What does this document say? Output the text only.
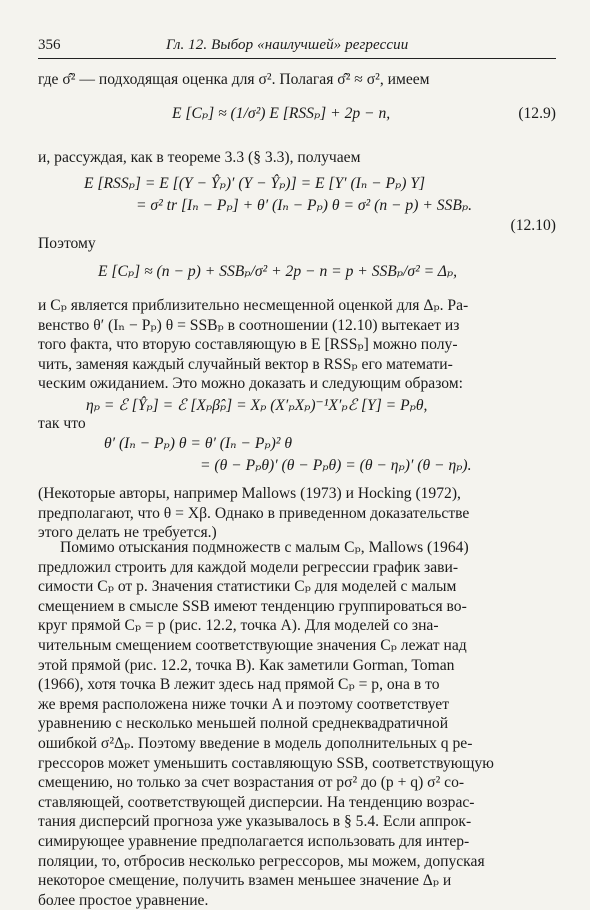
356	Гл. 12. Выбор «наилучшей» регрессии
где σ̂² — подходящая оценка для σ². Полагая σ̂² ≈ σ², имеем
E [Cₚ] ≈ (1/σ²) E [RSSₚ] + 2p − n,	(12.9)
и, рассуждая, как в теореме 3.3 (§ 3.3), получаем
E [RSSₚ] = E [(Y − Ŷₚ)′ (Y − Ŷₚ)] = E [Y′ (Iₙ − Pₚ) Y]
= σ² tr [Iₙ − Pₚ] + θ′ (Iₙ − Pₚ) θ = σ² (n − p) + SSBₚ.
(12.10)
Поэтому
E [Cₚ] ≈ (n − p) + SSBₚ/σ² + 2p − n = p + SSBₚ/σ² = Δₚ,
и Cₚ является приблизительно несмещенной оценкой для Δₚ. Ра-
венство θ′ (Iₙ − Pₚ) θ = SSBₚ в соотношении (12.10) вытекает из
того факта, что вторую составляющую в E [RSSₚ] можно полу-
чить, заменяя каждый случайный вектор в RSSₚ его математи-
ческим ожиданием. Это можно доказать и следующим образом:
ηₚ = ℰ [Ŷₚ] = ℰ [Xₚβ̂ₚ] = Xₚ (X′ₚXₚ)⁻¹X′ₚℰ [Y] = Pₚθ,
так что
θ′ (Iₙ − Pₚ) θ = θ′ (Iₙ − Pₚ)² θ
= (θ − Pₚθ)′ (θ − Pₚθ) = (θ − ηₚ)′ (θ − ηₚ).
(Некоторые авторы, например Mallows (1973) и Hocking (1972),
предполагают, что θ = Xβ. Однако в приведенном доказательстве
этого делать не требуется.)
Помимо отыскания подмножеств с малым Cₚ, Mallows (1964)
предложил строить для каждой модели регрессии график зави-
симости Cₚ от p. Значения статистики Cₚ для моделей с малым
смещением в смысле SSB имеют тенденцию группироваться во-
круг прямой Cₚ = p (рис. 12.2, точка A). Для моделей со зна-
чительным смещением соответствующие значения Cₚ лежат над
этой прямой (рис. 12.2, точка B). Как заметили Gorman, Toman
(1966), хотя точка B лежит здесь над прямой Cₚ = p, она в то
же время расположена ниже точки A и поэтому соответствует
уравнению с несколько меньшей полной среднеквадратичной
ошибкой σ²Δₚ. Поэтому введение в модель дополнительных q ре-
грессоров может уменьшить составляющую SSB, соответствующую
смещению, но только за счет возрастания от pσ² до (p + q) σ² со-
ставляющей, соответствующей дисперсии. На тенденцию возрас-
тания дисперсий прогноза уже указывалось в § 5.4. Если аппрок-
симирующее уравнение предполагается использовать для интер-
поляции, то, отбросив несколько регрессоров, мы можем, допуская
некоторое смещение, получить взамен меньшее значение Δₚ и
более простое уравнение.
